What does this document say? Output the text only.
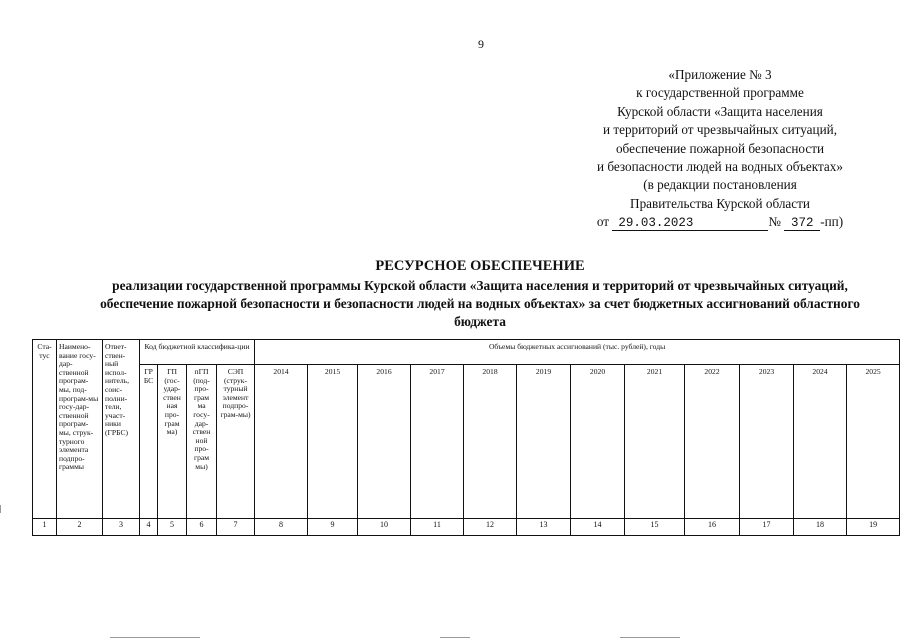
9
«Приложение № 3
к государственной программе
Курской области «Защита населения
и территорий от чрезвычайных ситуаций,
обеспечение пожарной безопасности
и безопасности людей на водных объектах»
(в редакции постановления
Правительства Курской области
от 29.03.2023	№ 372 -пп)
РЕСУРСНОЕ ОБЕСПЕЧЕНИЕ
реализации государственной программы Курской области «Защита населения и территорий от чрезвычайных ситуаций, обеспечение пожарной безопасности и безопасности людей на водных объектах» за счет бюджетных ассигнований областного бюджета
Ста-тус	Наимено-вание госу-дар-ственной програм-мы, под-програм-мы госу-дар-ственной програм-мы, струк-турного элемента подпро-граммы	Ответ-ствен-ный испол-нитель, соис-полни-тели, участ-ники (ГРБС)	Код бюджетной классифика-ции				Объемы бюджетных ассигнований (тыс. рублей), годы											
			ГР БС	ГП (гос-удар-ствен ная про-грам ма)	пГП (под-про-грам ма госу-дар-ствен ной про-грам мы)	СЭП (струк-турный элемент подпро-грам-мы)	2014	2015	2016	2017	2018	2019	2020	2021	2022	2023	2024	2025
1	2	3	4	5	6	7	8	9	10	11	12	13	14	15	16	17	18	19
